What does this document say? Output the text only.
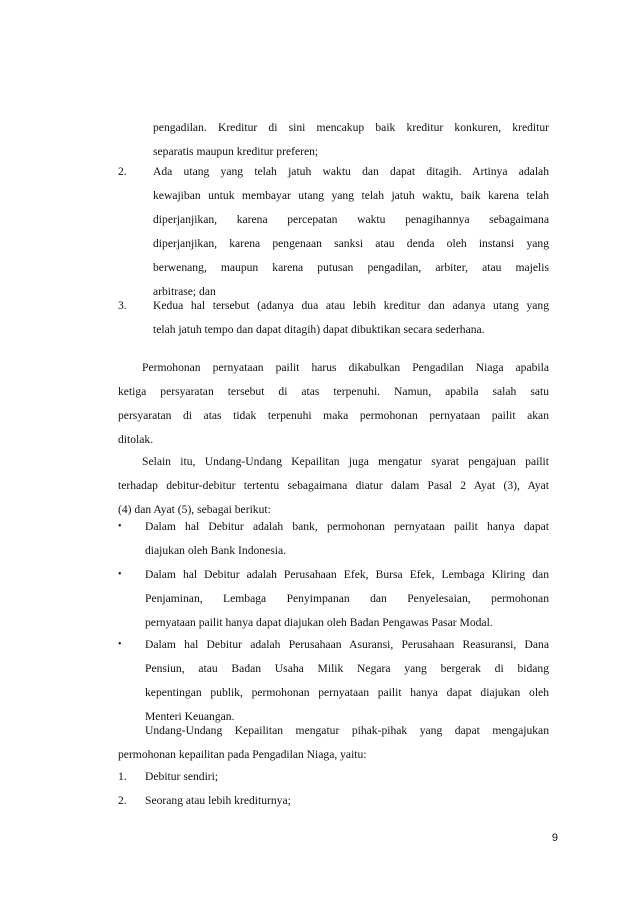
pengadilan. Kreditur di sini mencakup baik kreditur konkuren, kreditur
separatis maupun kreditur preferen;
2. Ada utang yang telah jatuh waktu dan dapat ditagih. Artinya adalah
kewajiban untuk membayar utang yang telah jatuh waktu, baik karena telah
diperjanjikan, karena percepatan waktu penagihannya sebagaimana
diperjanjikan, karena pengenaan sanksi atau denda oleh instansi yang
berwenang, maupun karena putusan pengadilan, arbiter, atau majelis
arbitrase; dan
3. Kedua hal tersebut (adanya dua atau lebih kreditur dan adanya utang yang
telah jatuh tempo dan dapat ditagih) dapat dibuktikan secara sederhana.
Permohonan pernyataan pailit harus dikabulkan Pengadilan Niaga apabila
ketiga persyaratan tersebut di atas terpenuhi. Namun, apabila salah satu
persyaratan di atas tidak terpenuhi maka permohonan pernyataan pailit akan
ditolak.
Selain itu, Undang-Undang Kepailitan juga mengatur syarat pengajuan pailit
terhadap debitur-debitur tertentu sebagaimana diatur dalam Pasal 2 Ayat (3), Ayat
(4) dan Ayat (5), sebagai berikut:
• Dalam hal Debitur adalah bank, permohonan pernyataan pailit hanya dapat
diajukan oleh Bank Indonesia.
• Dalam hal Debitur adalah Perusahaan Efek, Bursa Efek, Lembaga Kliring dan
Penjaminan, Lembaga Penyimpanan dan Penyelesaian, permohonan
pernyataan pailit hanya dapat diajukan oleh Badan Pengawas Pasar Modal.
• Dalam hal Debitur adalah Perusahaan Asuransi, Perusahaan Reasuransi, Dana
Pensiun, atau Badan Usaha Milik Negara yang bergerak di bidang
kepentingan publik, permohonan pernyataan pailit hanya dapat diajukan oleh
Menteri Keuangan.
Undang-Undang Kepailitan mengatur pihak-pihak yang dapat mengajukan
permohonan kepailitan pada Pengadilan Niaga, yaitu:
1. Debitur sendiri;
2. Seorang atau lebih krediturnya;
9
